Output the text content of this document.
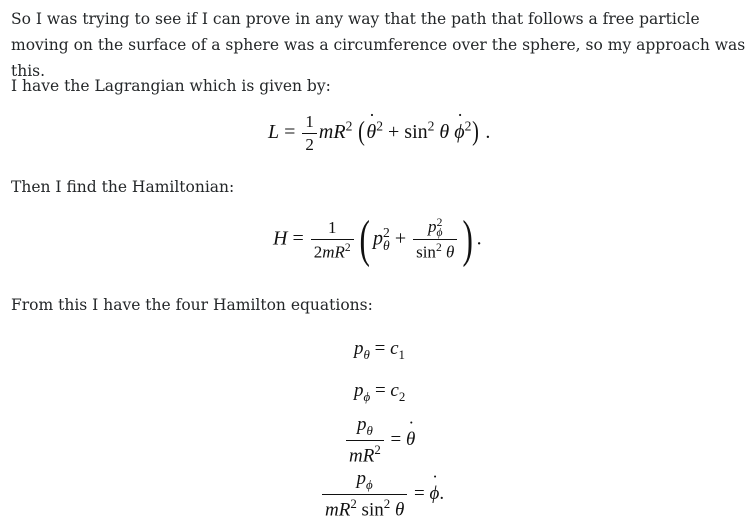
So I was trying to see if I can prove in any way that the path that follows a free particle moving on the surface of a sphere was a circumference over the sphere, so my approach was this.

I have the Lagrangian which is given by:

$L = \frac{1}{2} mR^2$ (θ ˙$^2$ + $\sin^2 \theta$ ϕ ˙$^2$) .

Then I find the Hamiltonian:

$H = \frac{1}{2mR^2}$ ( p 2
θ + p 2
ϕ
$\sin^2 \theta$ ) .

From this I have the four Hamilton equations:

$p_\theta = c_1$
$p_\phi = c_2$
$\frac{p_\theta}{mR^2} = \theta$ ˙
$\frac{p_\phi}{mR^2 \sin^2 \theta} = \phi$ ˙.
